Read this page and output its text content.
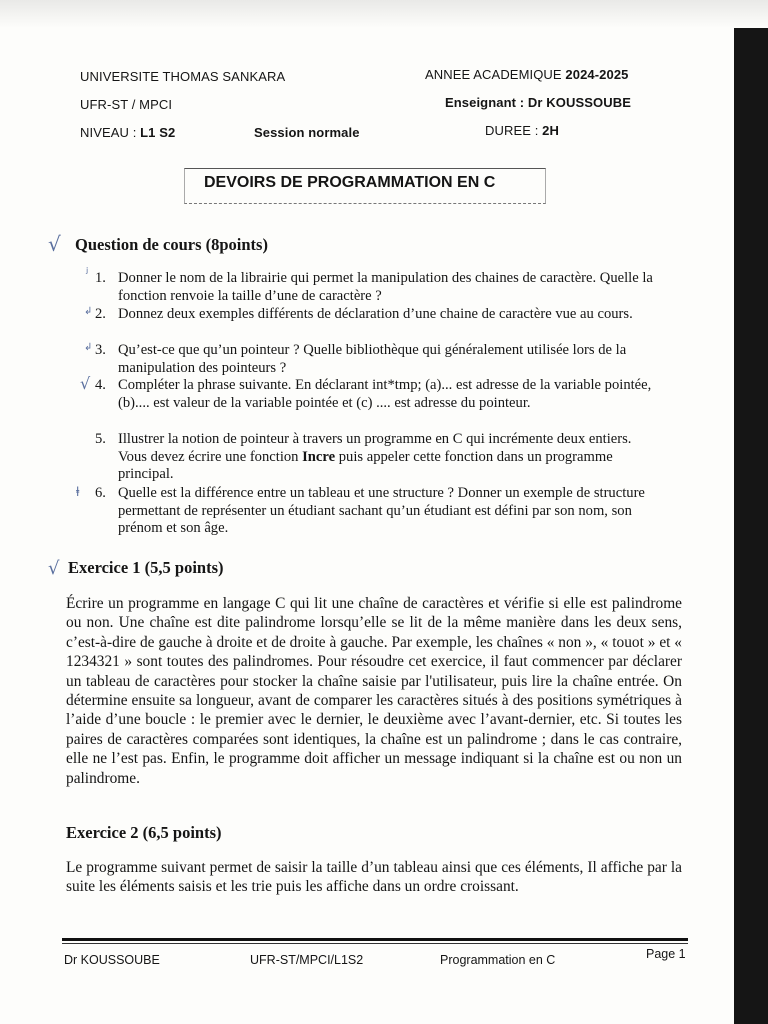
UNIVERSITE THOMAS SANKARA
UFR-ST / MPCI
NIVEAU : L1 S2	Session normale
ANNEE ACADEMIQUE 2024-2025
Enseignant : Dr KOUSSOUBE
DUREE : 2H
DEVOIRS DE PROGRAMMATION EN C
√ Question de cours (8points)
ʲ 1. Donner le nom de la librairie qui permet la manipulation des chaines de caractère. Quelle la fonction renvoie la taille d’une de caractère ?
↲ 2. Donnez deux exemples différents de déclaration d’une chaine de caractère vue au cours.
↲ 3. Qu’est-ce que qu’un pointeur ? Quelle bibliothèque qui généralement utilisée lors de la manipulation des pointeurs ?
√ 4. Compléter la phrase suivante. En déclarant int*tmp; (a)... est adresse de la variable pointée, (b).... est valeur de la variable pointée et (c) .... est adresse du pointeur.
5. Illustrer la notion de pointeur à travers un programme en C qui incrémente deux entiers. Vous devez écrire une fonction Incre puis appeler cette fonction dans un programme principal.
ⱡ 6. Quelle est la différence entre un tableau et une structure ? Donner un exemple de structure permettant de représenter un étudiant sachant qu’un étudiant est défini par son nom, son prénom et son âge.
√ Exercice 1 (5,5 points)
Écrire un programme en langage C qui lit une chaîne de caractères et vérifie si elle est palindrome ou non. Une chaîne est dite palindrome lorsqu’elle se lit de la même manière dans les deux sens, c’est-à-dire de gauche à droite et de droite à gauche. Par exemple, les chaînes « non », « touot » et « 1234321 » sont toutes des palindromes. Pour résoudre cet exercice, il faut commencer par déclarer un tableau de caractères pour stocker la chaîne saisie par l'utilisateur, puis lire la chaîne entrée. On détermine ensuite sa longueur, avant de comparer les caractères situés à des positions symétriques à l’aide d’une boucle : le premier avec le dernier, le deuxième avec l’avant-dernier, etc. Si toutes les paires de caractères comparées sont identiques, la chaîne est un palindrome ; dans le cas contraire, elle ne l’est pas. Enfin, le programme doit afficher un message indiquant si la chaîne est ou non un palindrome.
Exercice 2 (6,5 points)
Le programme suivant permet de saisir la taille d’un tableau ainsi que ces éléments, Il affiche par la suite les éléments saisis et les trie puis les affiche dans un ordre croissant.
Dr KOUSSOUBE	UFR-ST/MPCI/L1S2	Programmation en C	Page 1
